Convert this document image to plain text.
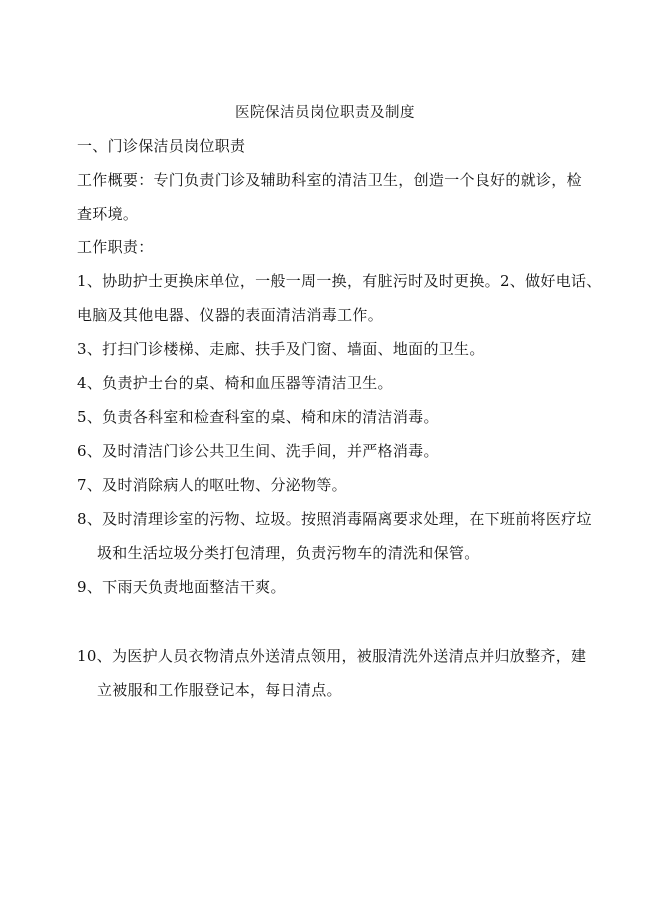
医院保洁员岗位职责及制度
一、门诊保洁员岗位职责
工作概要：专门负责门诊及辅助科室的清洁卫生，创造一个良好的就诊，检
查环境。
工作职责：
1、协助护士更换床单位，一般一周一换，有脏污时及时更换。2、做好电话、
电脑及其他电器、仪器的表面清洁消毒工作。
3、打扫门诊楼梯、走廊、扶手及门窗、墙面、地面的卫生。
4、负责护士台的桌、椅和血压器等清洁卫生。
5、负责各科室和检查科室的桌、椅和床的清洁消毒。
6、及时清洁门诊公共卫生间、洗手间，并严格消毒。
7、及时消除病人的呕吐物、分泌物等。
8、及时清理诊室的污物、垃圾。按照消毒隔离要求处理，在下班前将医疗垃
圾和生活垃圾分类打包清理，负责污物车的清洗和保管。
9、下雨天负责地面整洁干爽。
10、为医护人员衣物清点外送清点领用，被服清洗外送清点并归放整齐，建
立被服和工作服登记本，每日清点。
